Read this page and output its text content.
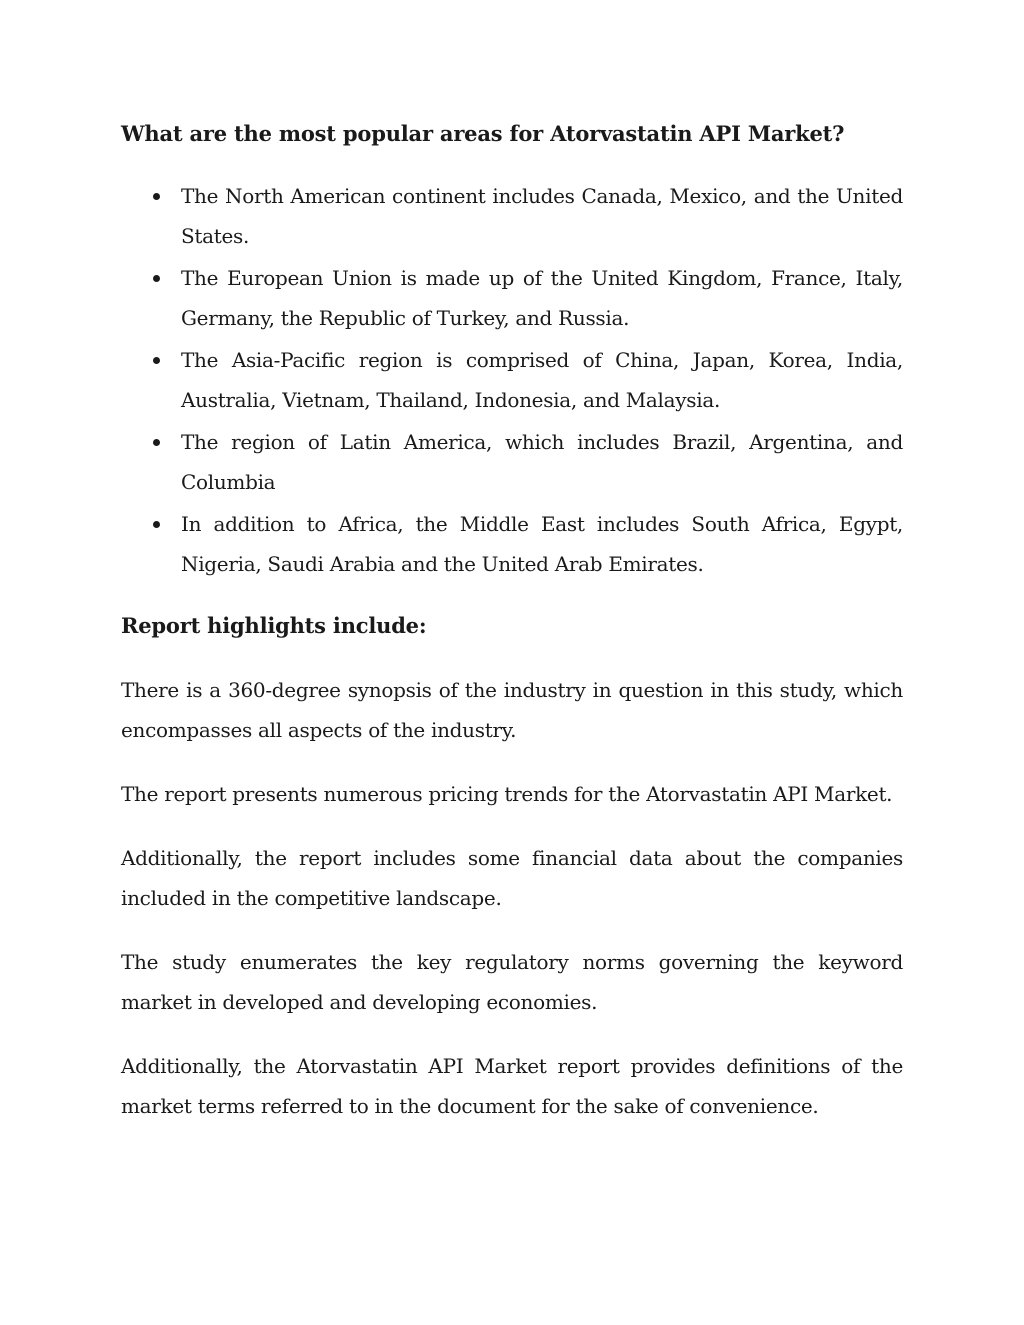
What are the most popular areas for Atorvastatin API Market?
The North American continent includes Canada, Mexico, and the United States.
The European Union is made up of the United Kingdom, France, Italy, Germany, the Republic of Turkey, and Russia.
The Asia-Pacific region is comprised of China, Japan, Korea, India, Australia, Vietnam, Thailand, Indonesia, and Malaysia.
The region of Latin America, which includes Brazil, Argentina, and Columbia
In addition to Africa, the Middle East includes South Africa, Egypt, Nigeria, Saudi Arabia and the United Arab Emirates.
Report highlights include:

There is a 360-degree synopsis of the industry in question in this study, which encompasses all aspects of the industry.

The report presents numerous pricing trends for the Atorvastatin API Market.

Additionally, the report includes some financial data about the companies included in the competitive landscape.

The study enumerates the key regulatory norms governing the keyword market in developed and developing economies.

Additionally, the Atorvastatin API Market report provides definitions of the market terms referred to in the document for the sake of convenience.
